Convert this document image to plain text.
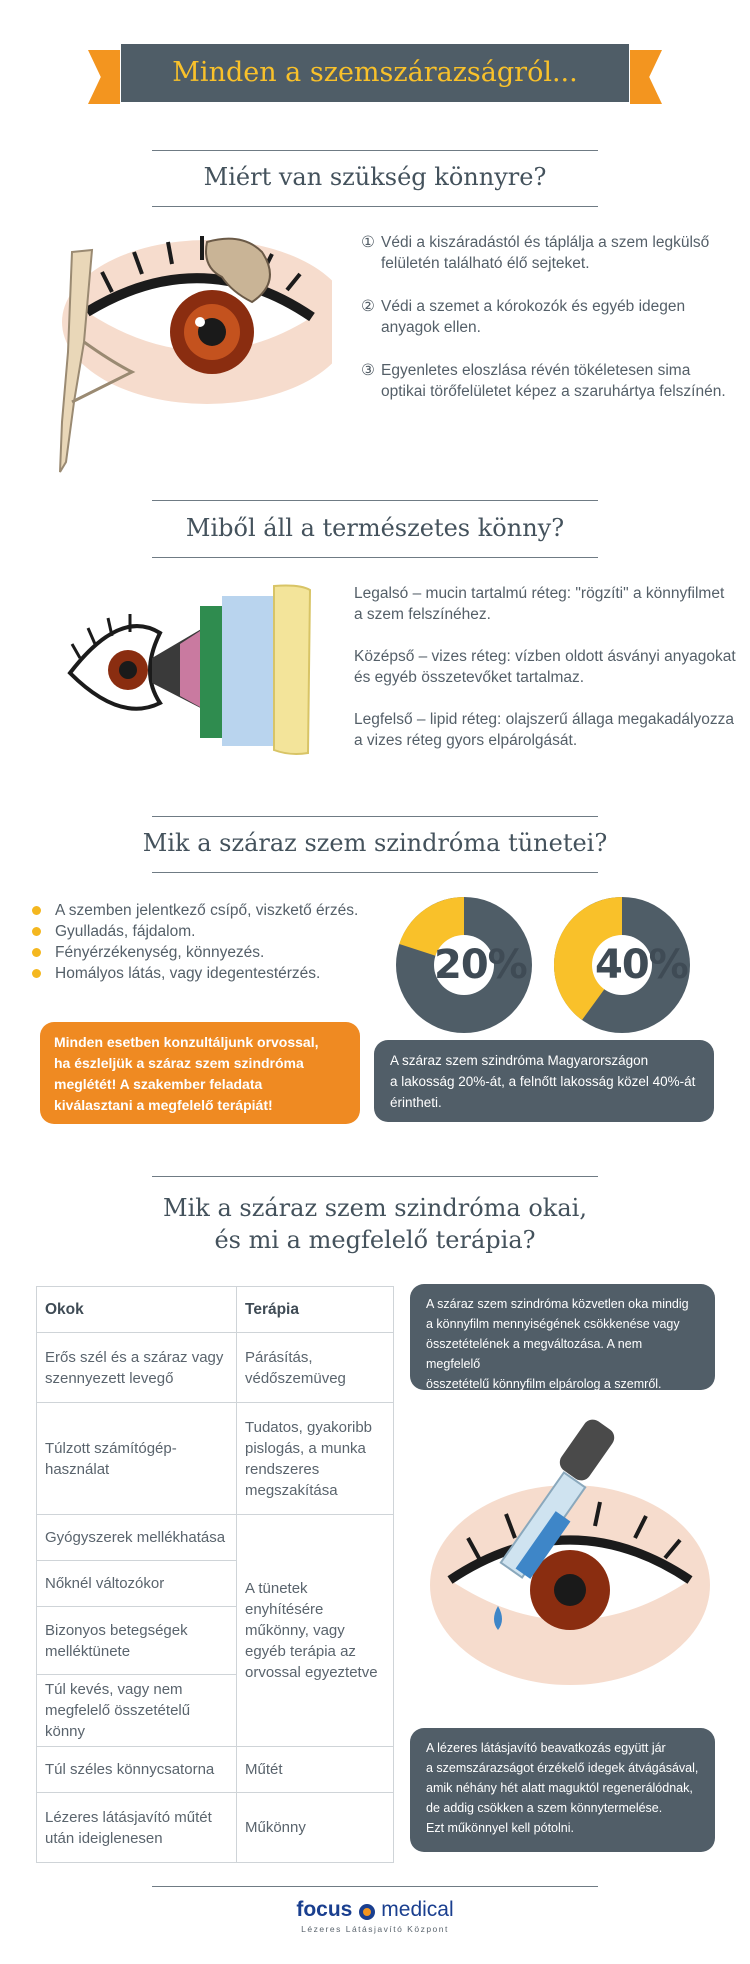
Minden a szemszárazságról...
Miért van szükség könnyre?
① Védi a kiszáradástól és táplálja a szem legkülső
felületén található élő sejteket.
② Védi a szemet a kórokozók és egyéb idegen
anyagok ellen.
③ Egyenletes eloszlása révén tökéletesen sima
optikai törőfelületet képez a szaruhártya felszínén.
Miből áll a természetes könny?
Legalsó – mucin tartalmú réteg: "rögzíti" a könnyfilmet
a szem felszínéhez.
Középső – vizes réteg: vízben oldott ásványi anyagokat
és egyéb összetevőket tartalmaz.
Legfelső – lipid réteg: olajszerű állaga megakadályozza
a vizes réteg gyors elpárolgását.
Mik a száraz szem szindróma tünetei?
A szemben jelentkező csípő, viszkető érzés.
Gyulladás, fájdalom.
Fényérzékenység, könnyezés.
Homályos látás, vagy idegentestérzés.	20% 40%
Minden esetben konzultáljunk orvossal,
ha észleljük a száraz szem szindróma
meglétét! A szakember feladata
kiválasztani a megfelelő terápiát!
A száraz szem szindróma Magyarországon
a lakosság 20%-át, a felnőtt lakosság közel 40%-át
érintheti.
Mik a száraz szem szindróma okai,
és mi a megfelelő terápia?
Okok	Terápia
Erős szél és a száraz vagy szennyezett levegő	Párásítás, védőszemüveg
Túlzott számítógép-használat	Tudatos, gyakoribb pislogás, a munka rendszeres megszakítása
Gyógyszerek mellékhatása	A tünetek enyhítésére műkönny, vagy egyéb terápia az orvossal egyeztetve
Nőknél változókor	
Bizonyos betegségek melléktünete	
Túl kevés, vagy nem megfelelő összetételű könny	
Túl széles könnycsatorna	Műtét
Lézeres látásjavító műtét után ideiglenesen	Műkönny
A száraz szem szindróma közvetlen oka mindig
a könnyfilm mennyiségének csökkenése vagy
összetételének a megváltozása. A nem megfelelő
összetételű könnyfilm elpárolog a szemről.
A lézeres látásjavító beavatkozás együtt jár
a szemszárazságot érzékelő idegek átvágásával,
amik néhány hét alatt maguktól regenerálódnak,
de addig csökken a szem könnytermelése.
Ezt műkönnyel kell pótolni.
focus medical
Lézeres Látásjavító Központ
